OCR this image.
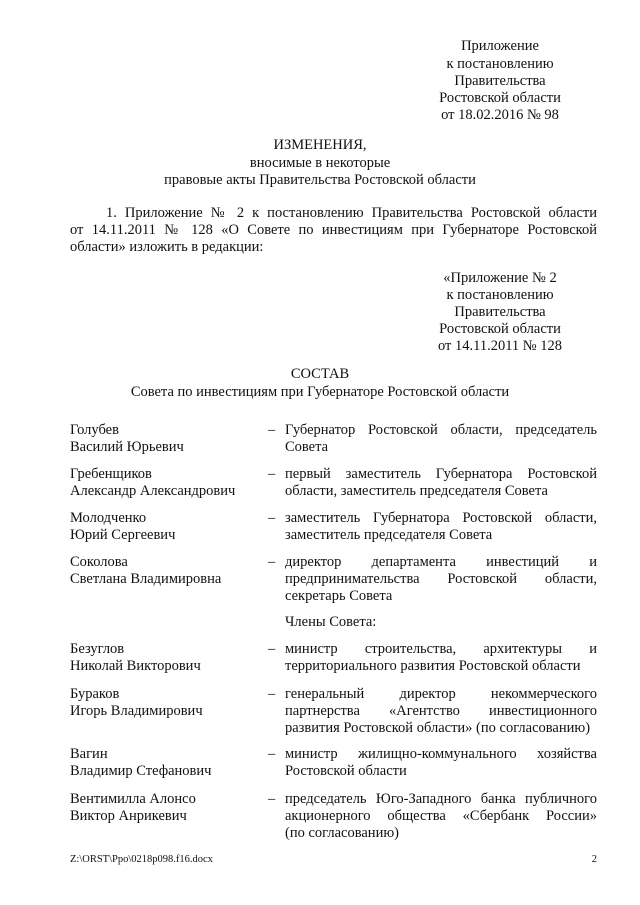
Приложение
к постановлению
Правительства
Ростовской области
от 18.02.2016 № 98
ИЗМЕНЕНИЯ,
вносимые в некоторые
правовые акты Правительства Ростовской области
1. Приложение № 2 к постановлению Правительства Ростовской области
от 14.11.2011 № 128 «О Совете по инвестициям при Губернаторе Ростовской
области» изложить в редакции:
«Приложение № 2
к постановлению
Правительства
Ростовской области
от 14.11.2011 № 128
СОСТАВ
Совета по инвестициям при Губернаторе Ростовской области
Голубев
Василий Юрьевич
– Губернатор Ростовской области, председатель
Совета
Гребенщиков
Александр Александрович
– первый заместитель Губернатора Ростовской
области, заместитель председателя Совета
Молодченко
Юрий Сергеевич
– заместитель Губернатора Ростовской области,
заместитель председателя Совета
Соколова
Светлана Владимировна
– директор департамента инвестиций и
предпринимательства Ростовской области,
секретарь Совета
Члены Совета:
Безуглов
Николай Викторович
– министр строительства, архитектуры и
территориального развития Ростовской области
Бураков
Игорь Владимирович
– генеральный директор некоммерческого
партнерства «Агентство инвестиционного
развития Ростовской области» (по согласованию)
Вагин
Владимир Стефанович
– министр жилищно-коммунального хозяйства
Ростовской области
Вентимилла Алонсо
Виктор Анрикевич
– председатель Юго-Западного банка публичного
акционерного общества «Сбербанк России»
(по согласованию)
Z:\ORST\Ppo\0218p098.f16.docx	2
